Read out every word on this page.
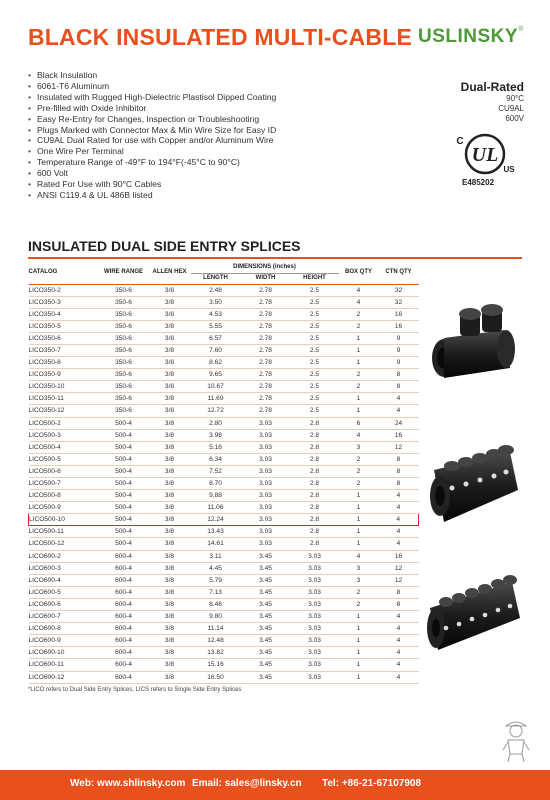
BLACK INSULATED MULTI-CABLE USLINSKY®
• Black Insulation
• 6061-T6 Aluminum
• Insulated with Rugged High-Dielectric Plastisol Dipped Coating
• Pre-filled with Oxide Inhibitor
• Easy Re-Entry for Changes, Inspection or Troubleshooting
• Plugs Marked with Connector Max & Min Wire Size for Easy ID
• CU9AL Dual Rated for use with Copper and/or Aluminum Wire
• One Wire Per Terminal
• Temperature Range of -49°F to 194°F(-45°C to 90°C)
• 600 Volt
• Rated For Use with 90°C Cables
• ANSI C119.4 & UL 486B listed
Dual-Rated
90°C
CU9AL
600V
UL
C
US
E485202
INSULATED DUAL SIDE ENTRY SPLICES
CATALOG	WIRE RANGE	ALLEN HEX	DIMENSIONS (inches)			BOX QTY	CTN QTY
			LENGTH	WIDTH	HEIGHT		
LICO350-2	350-6	3/8	2.48	2.78	2.5	4	32
LICO350-3	350-6	3/8	3.50	2.78	2.5	4	32
LICO350-4	350-6	3/8	4.53	2.78	2.5	2	16
LICO350-5	350-6	3/8	5.55	2.78	2.5	2	16
LICO350-6	350-6	3/8	6.57	2.78	2.5	1	9
LICO350-7	350-6	3/8	7.60	2.78	2.5	1	9
LICO350-8	350-6	3/8	8.62	2.78	2.5	1	9
LICO350-9	350-6	3/8	9.65	2.78	2.5	2	8
LICO350-10	350-6	3/8	10.67	2.78	2.5	2	8
LICO350-11	350-6	3/8	11.69	2.78	2.5	1	4
LICO350-12	350-6	3/8	12.72	2.78	2.5	1	4
LICO500-2	500-4	3/8	2.80	3.03	2.8	6	24
LICO500-3	500-4	3/8	3.98	3.03	2.8	4	16
LICO500-4	500-4	3/8	5.16	3.03	2.8	3	12
LICO500-5	500-4	3/8	6.34	3.03	2.8	2	8
LICO500-6	500-4	3/8	7.52	3.03	2.8	2	8
LICO500-7	500-4	3/8	8.70	3.03	2.8	2	8
LICO500-8	500-4	3/8	9.88	3.03	2.8	1	4
LICO500-9	500-4	3/8	11.06	3.03	2.8	1	4
LICO500-10	500-4	3/8	12.24	3.03	2.8	1	4
LICO500-11	500-4	3/8	13.43	3.03	2.8	1	4
LICO500-12	500-4	3/8	14.61	3.03	2.8	1	4
LICO600-2	600-4	3/8	3.11	3.45	3.03	4	16
LICO600-3	600-4	3/8	4.45	3.45	3.03	3	12
LICO600-4	600-4	3/8	5.79	3.45	3.03	3	12
LICO600-5	600-4	3/8	7.13	3.45	3.03	2	8
LICO600-6	600-4	3/8	8.46	3.45	3.03	2	8
LICO600-7	600-4	3/8	9.80	3.45	3.03	1	4
LICO600-8	600-4	3/8	11.14	3.45	3.03	1	4
LICO600-9	600-4	3/8	12.48	3.45	3.03	1	4
LICO600-10	600-4	3/8	13.82	3.45	3.03	1	4
LICO600-11	600-4	3/8	15.16	3.45	3.03	1	4
LICO600-12	600-4	3/8	16.50	3.45	3.03	1	4
*LICO refers to Dual Side Entry Splices, LICS refers to Single Side Entry Splices
Web: www.shlinsky.com Email: sales@linsky.cn Tel: +86-21-67107908
